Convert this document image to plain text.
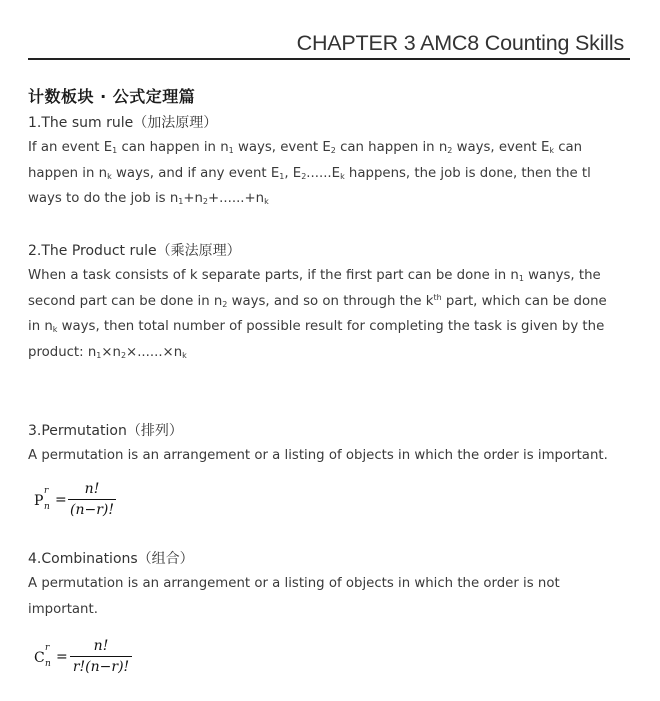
CHAPTER 3 AMC8 Counting Skills
计数板块 · 公式定理篇
1.The sum rule（加法原理）
If an event $E_1$ can happen in $n_1$ ways, event $E_2$ can happen in $n_2$ ways, event $E_k$ can
happen in $n_k$ ways, and if any event $E_1$, $E_2......E_k$ happens, the job is done, then the tl
ways to do the job is $n_1+n_2+......+n_k$
2.The Product rule（乘法原理）
When a task consists of k separate parts, if the first part can be done in $n_1$ wanys, the
second part can be done in $n_2$ ways, and so on through the $k^{th}$ part, which can be done
in $n_k$ ways, then total number of possible result for completing the task is given by the
product: $n_1\times n_2\times......\times n_k$
3.Permutation（排列）
A permutation is an arrangement or a listing of objects in which the order is important.
P
r
n =
n!
(n−r)!
4.Combinations（组合）
A permutation is an arrangement or a listing of objects in which the order is not
important.
C
r
n =
n!
r!(n−r)!
